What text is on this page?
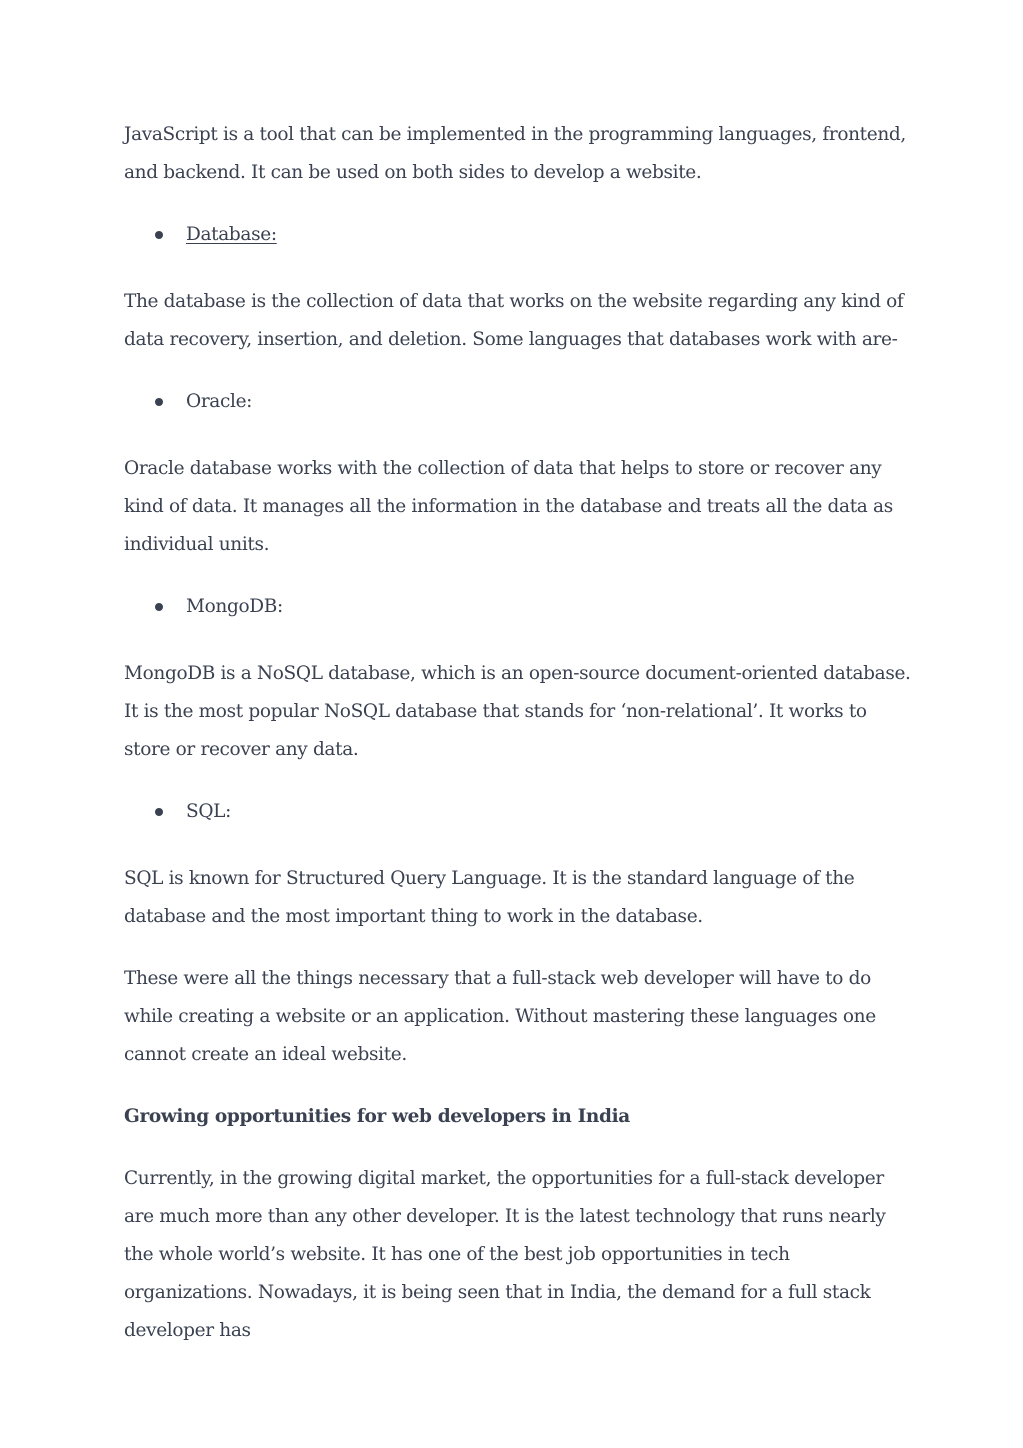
JavaScript is a tool that can be implemented in the programming languages, frontend, and backend. It can be used on both sides to develop a website.

Database:

The database is the collection of data that works on the website regarding any kind of data recovery, insertion, and deletion. Some languages that databases work with are-

Oracle:

Oracle database works with the collection of data that helps to store or recover any kind of data. It manages all the information in the database and treats all the data as individual units.

MongoDB:

MongoDB is a NoSQL database, which is an open-source document-oriented database. It is the most popular NoSQL database that stands for ‘non-relational’. It works to store or recover any data.

SQL:

SQL is known for Structured Query Language. It is the standard language of the database and the most important thing to work in the database.

These were all the things necessary that a full-stack web developer will have to do while creating a website or an application. Without mastering these languages one cannot create an ideal website.

Growing opportunities for web developers in India

Currently, in the growing digital market, the opportunities for a full-stack developer are much more than any other developer. It is the latest technology that runs nearly the whole world’s website. It has one of the best job opportunities in tech organizations. Nowadays, it is being seen that in India, the demand for a full stack developer has
